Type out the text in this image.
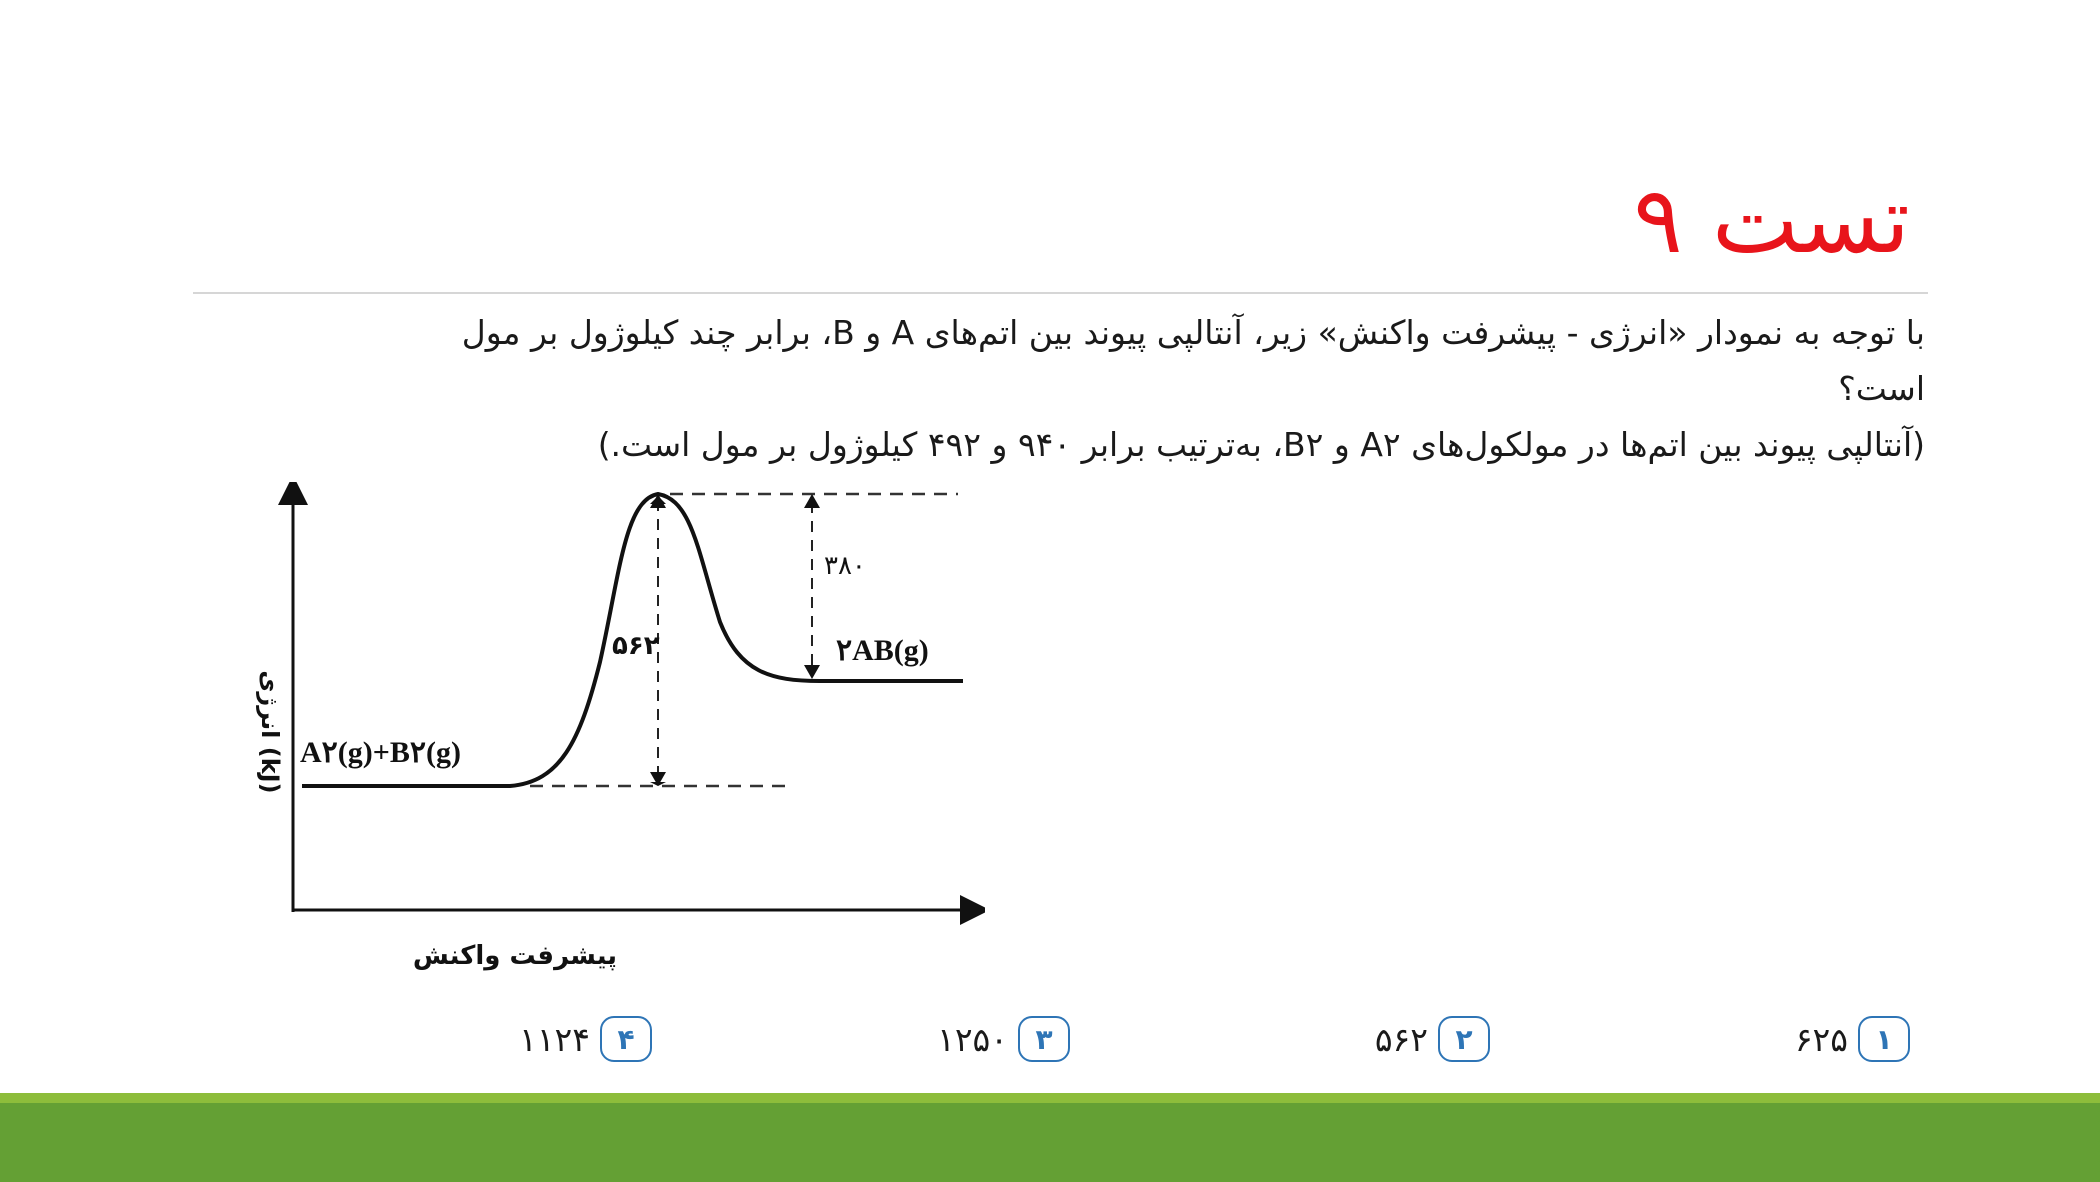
تست ۹

با توجه به نمودار «انرژی - پیشرفت واکنش» زیر، آنتالپی پیوند بین اتم‌های A و B، برابر چند کیلوژول بر مول

است؟

(آنتالپی پیوند بین اتم‌ها در مولکول‌های A۲ و B۲، به‌ترتیب برابر ۹۴۰ و ۴۹۲ کیلوژول بر مول است.)

A۲(g)+B۲(g)
۲AB(g)
۵۶۲
۳۸۰
پیشرفت واکنش
انرژی (kJ)
۱
۶۲۵
۲
۵۶۲
۳
۱۲۵۰
۴
۱۱۲۴
